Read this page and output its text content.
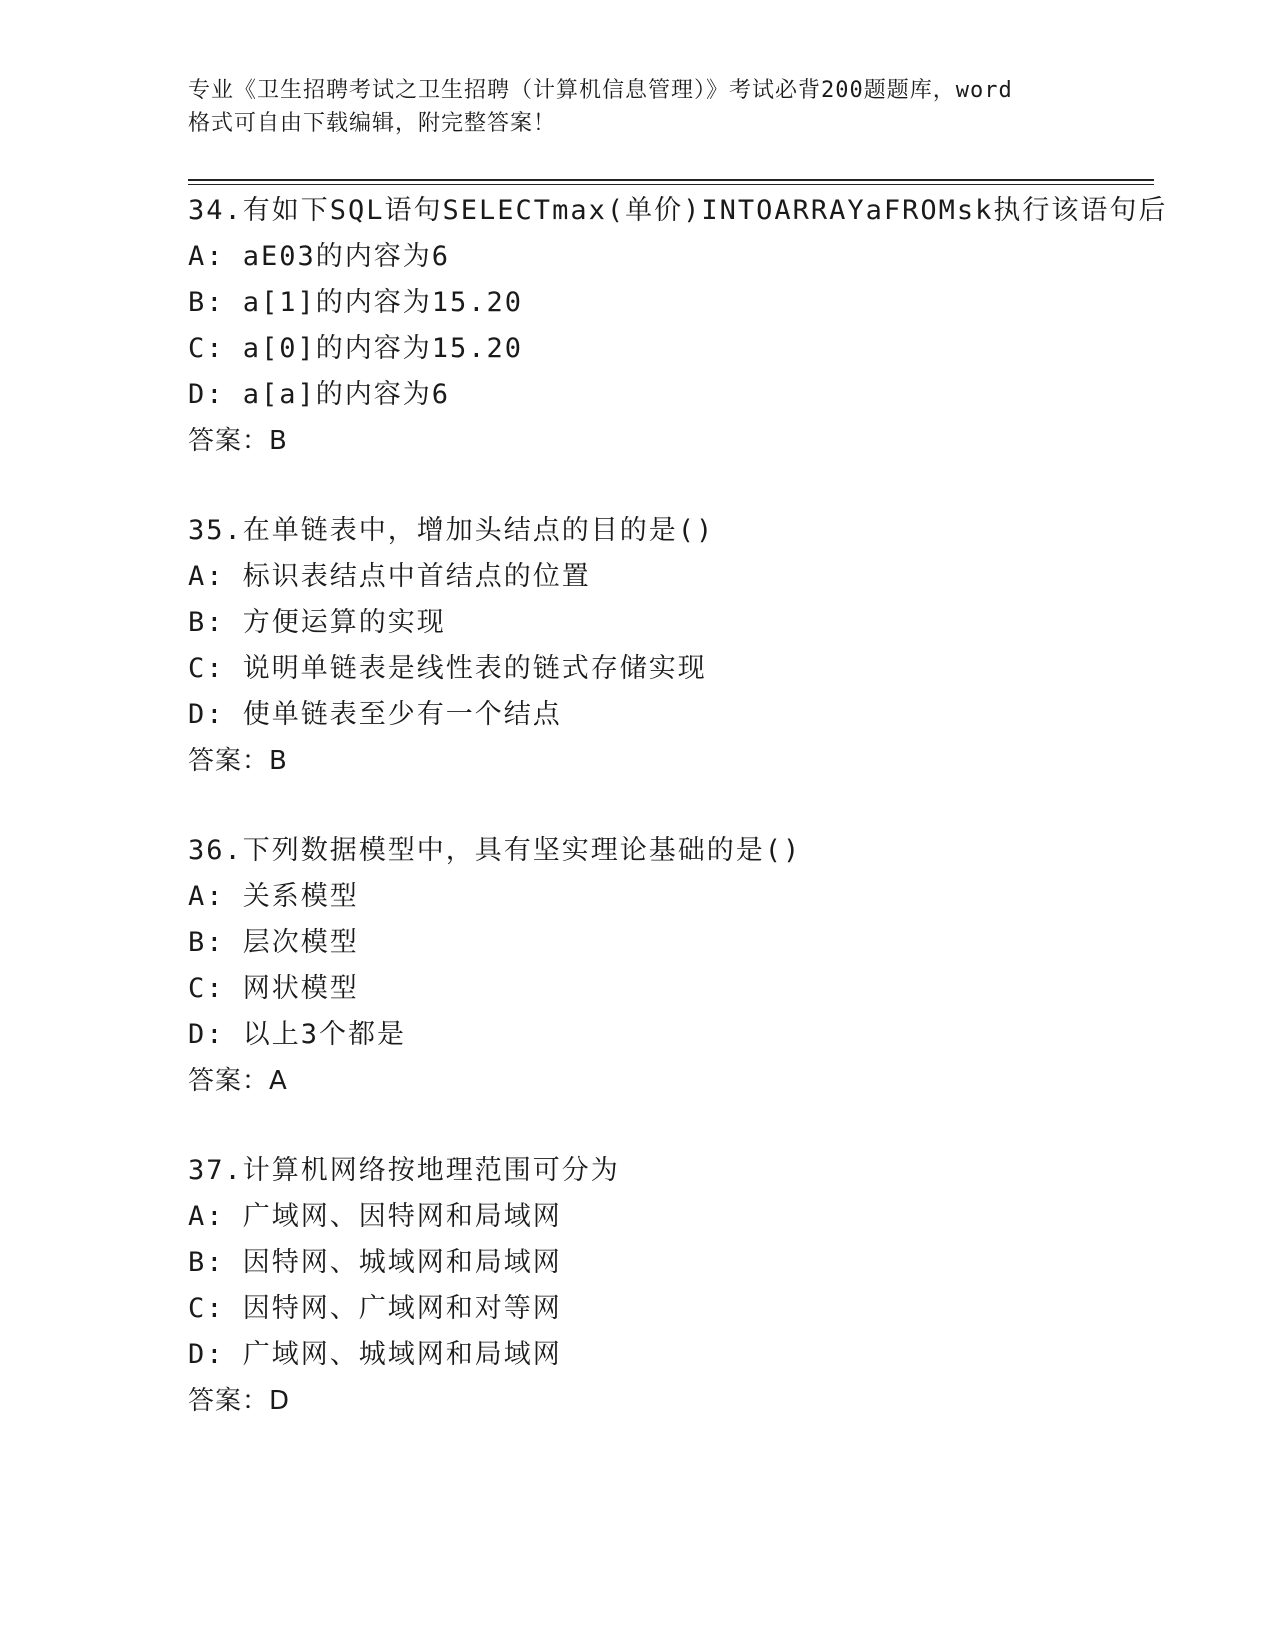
专业《卫生招聘考试之卫生招聘（计算机信息管理）》考试必背200题题库，word
格式可自由下载编辑，附完整答案！
34.有如下SQL语句SELECTmax(单价)INTOARRAYaFROMsk执行该语句后
A: aE03的内容为6
B: a[1]的内容为15.20
C: a[0]的内容为15.20
D: a[a]的内容为6
答案：B
35.在单链表中，增加头结点的目的是()
A: 标识表结点中首结点的位置
B: 方便运算的实现
C: 说明单链表是线性表的链式存储实现
D: 使单链表至少有一个结点
答案：B
36.下列数据模型中，具有坚实理论基础的是()
A: 关系模型
B: 层次模型
C: 网状模型
D: 以上3个都是
答案：A
37.计算机网络按地理范围可分为
A: 广域网、因特网和局域网
B: 因特网、城域网和局域网
C: 因特网、广域网和对等网
D: 广域网、城域网和局域网
答案：D
